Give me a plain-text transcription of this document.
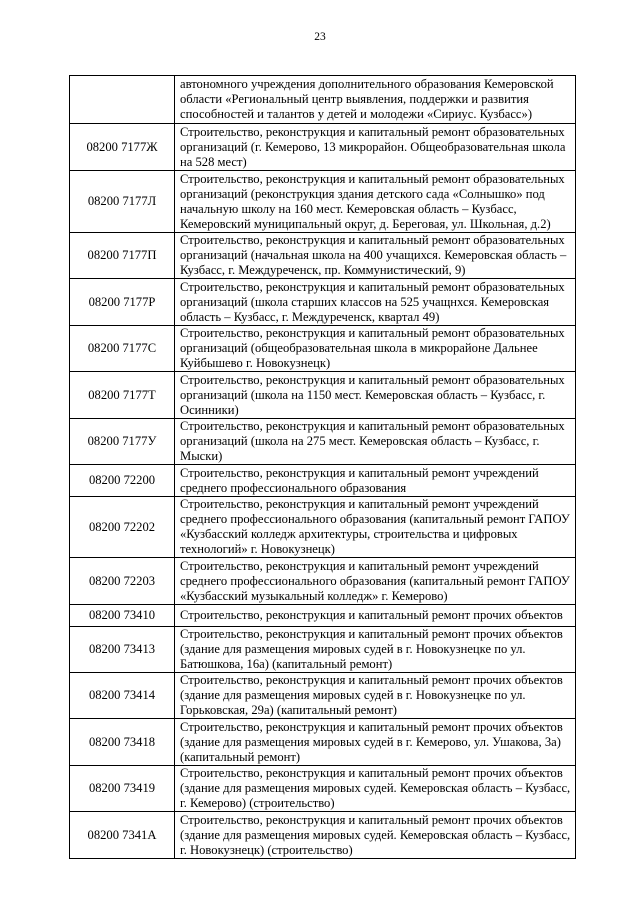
23
	автономного учреждения дополнительного образования Кемеровской области «Региональный центр выявления, поддержки и развития способностей и талантов у детей и молодежи «Сириус. Кузбасс»)
08200 7177Ж	Строительство, реконструкция и капитальный ремонт образовательных организаций (г. Кемерово, 13 микрорайон. Общеобразовательная школа на 528 мест)
08200 7177Л	Строительство, реконструкция и капитальный ремонт образовательных организаций (реконструкция здания детского сада «Солнышко» под начальную школу на 160 мест. Кемеровская область – Кузбасс, Кемеровский муниципальный округ, д. Береговая, ул. Школьная, д.2)
08200 7177П	Строительство, реконструкция и капитальный ремонт образовательных организаций (начальная школа на 400 учащихся. Кемеровская область – Кузбасс, г. Междуреченск, пр. Коммунистический, 9)
08200 7177Р	Строительство, реконструкция и капитальный ремонт образовательных организаций (школа старших классов на 525 учащнхся. Кемеровская область – Кузбасс, г. Междуреченск, квартал 49)
08200 7177С	Строительство, реконструкция и капитальный ремонт образовательных организаций (общеобразовательная школа в микрорайоне Дальнее Куйбышево г. Новокузнецк)
08200 7177Т	Строительство, реконструкция и капитальный ремонт образовательных организаций (школа на 1150 мест. Кемеровская область – Кузбасс, г. Осинники)
08200 7177У	Строительство, реконструкция и капитальный ремонт образовательных организаций (школа на 275 мест. Кемеровская область – Кузбасс, г. Мыски)
08200 72200	Строительство, реконструкция и капитальный ремонт учреждений среднего профессионального образования
08200 72202	Строительство, реконструкция и капитальный ремонт учреждений среднего профессионального образования (капитальный ремонт ГАПОУ «Кузбасский колледж архитектуры, строительства и цифровых технологий» г. Новокузнецк)
08200 72203	Строительство, реконструкция и капитальный ремонт учреждений среднего профессионального образования (капитальный ремонт ГАПОУ «Кузбасский музыкальный колледж» г. Кемерово)
08200 73410	Строительство, реконструкция и капитальный ремонт прочих объектов
08200 73413	Строительство, реконструкция и капитальный ремонт прочих объектов (здание для размещения мировых судей в г. Новокузнецке по ул. Батюшкова, 16а) (капитальный ремонт)
08200 73414	Строительство, реконструкция и капитальный ремонт прочих объектов (здание для размещения мировых судей в г. Новокузнецке по ул. Горьковская, 29а) (капитальный ремонт)
08200 73418	Строительство, реконструкция и капитальный ремонт прочих объектов (здание для размещения мировых судей в г. Кемерово, ул. Ушакова, 3а) (капитальный ремонт)
08200 73419	Строительство, реконструкция и капитальный ремонт прочих объектов (здание для размещения мировых судей. Кемеровская область – Кузбасс, г. Кемерово) (строительство)
08200 7341А	Строительство, реконструкция и капитальный ремонт прочих объектов (здание для размещения мировых судей. Кемеровская область – Кузбасс, г. Новокузнецк) (строительство)
